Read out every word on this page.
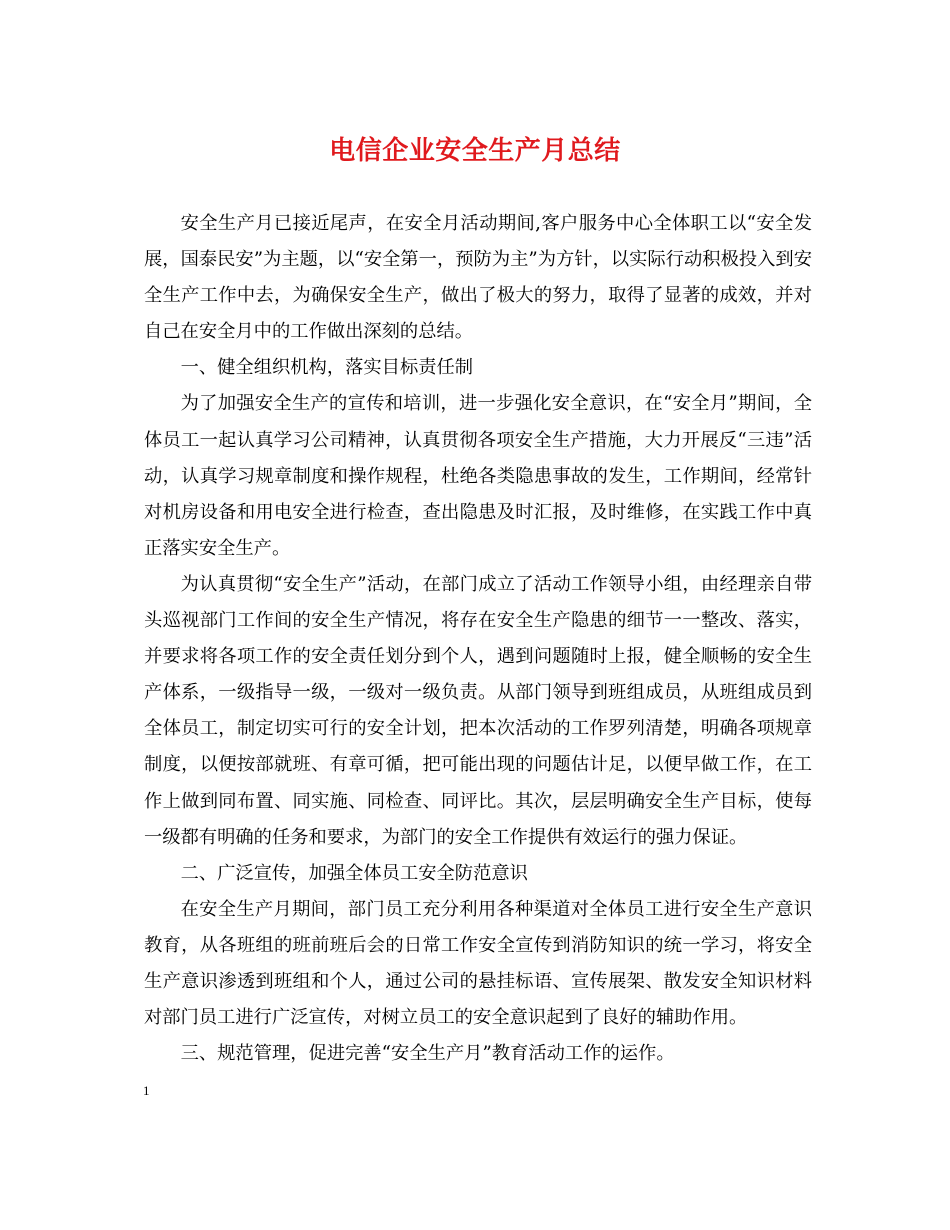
电信企业安全生产月总结

安全生产月已接近尾声，在安全月活动期间,客户服务中心全体职工以“安全发展，国泰民安”为主题，以“安全第一，预防为主”为方针，以实际行动积极投入到安全生产工作中去，为确保安全生产，做出了极大的努力，取得了显著的成效，并对自己在安全月中的工作做出深刻的总结。

一、健全组织机构，落实目标责任制

为了加强安全生产的宣传和培训，进一步强化安全意识，在“安全月”期间，全体员工一起认真学习公司精神，认真贯彻各项安全生产措施，大力开展反“三违”活动，认真学习规章制度和操作规程，杜绝各类隐患事故的发生，工作期间，经常针对机房设备和用电安全进行检查，查出隐患及时汇报，及时维修，在实践工作中真正落实安全生产。

为认真贯彻“安全生产”活动，在部门成立了活动工作领导小组，由经理亲自带头巡视部门工作间的安全生产情况，将存在安全生产隐患的细节一一整改、落实，并要求将各项工作的安全责任划分到个人，遇到问题随时上报，健全顺畅的安全生产体系，一级指导一级，一级对一级负责。从部门领导到班组成员，从班组成员到全体员工，制定切实可行的安全计划，把本次活动的工作罗列清楚，明确各项规章制度，以便按部就班、有章可循，把可能出现的问题估计足，以便早做工作，在工作上做到同布置、同实施、同检查、同评比。其次，层层明确安全生产目标，使每一级都有明确的任务和要求，为部门的安全工作提供有效运行的强力保证。

二、广泛宣传，加强全体员工安全防范意识

在安全生产月期间，部门员工充分利用各种渠道对全体员工进行安全生产意识教育，从各班组的班前班后会的日常工作安全宣传到消防知识的统一学习，将安全生产意识渗透到班组和个人，通过公司的悬挂标语、宣传展架、散发安全知识材料对部门员工进行广泛宣传，对树立员工的安全意识起到了良好的辅助作用。

三、规范管理，促进完善“安全生产月”教育活动工作的运作。

1
